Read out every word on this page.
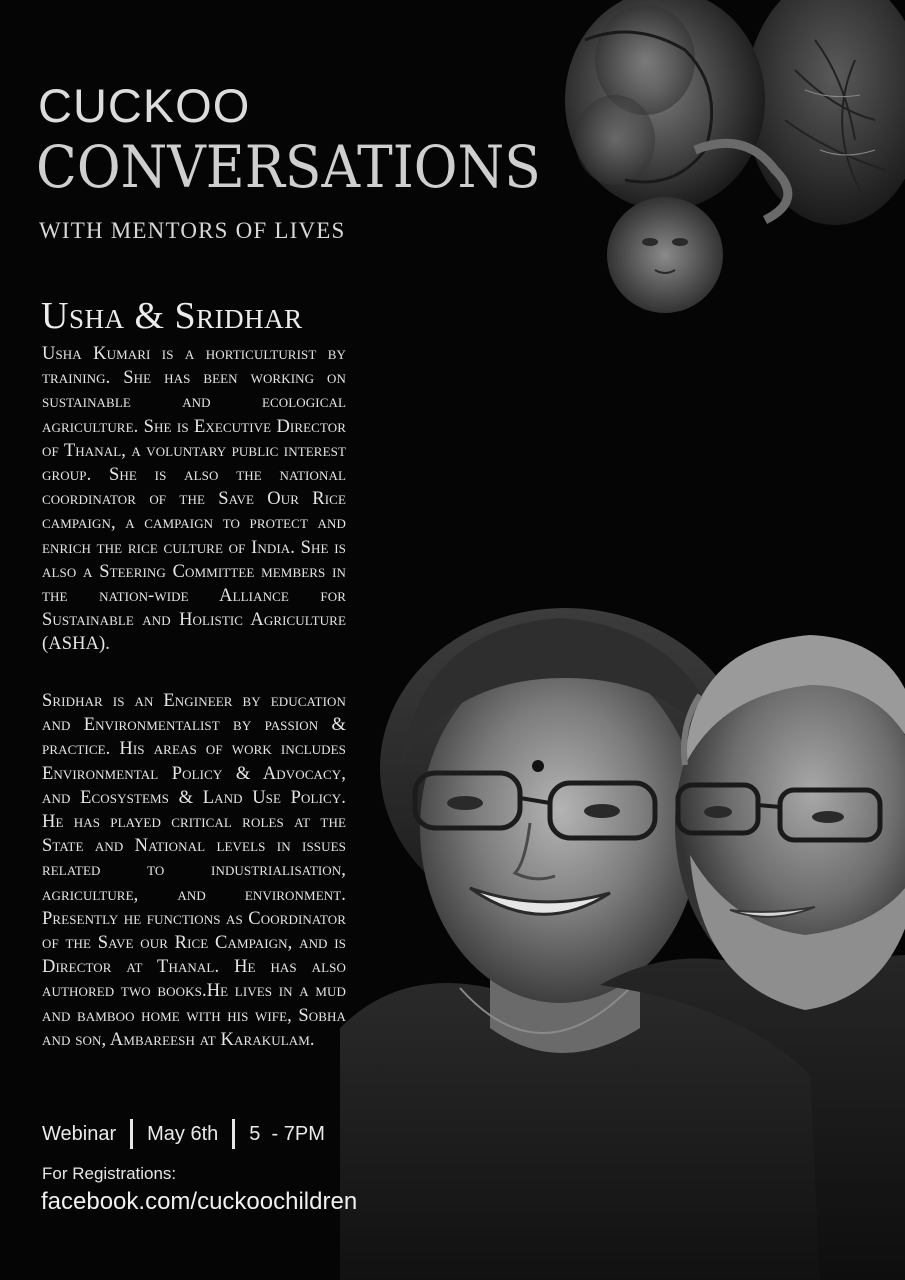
CUCKOO
CONVERSATIONS
WITH MENTORS OF LIVES
Usha & Sridhar
Usha Kumari is a horticulturist by training. She has been working on sustainable and ecological agriculture. She is Executive Director of Thanal, a voluntary public interest group. She is also the national coordinator of the Save Our Rice campaign, a campaign to protect and enrich the rice culture of India. She is also a Steering Committee members in the nation-wide Alliance for Sustainable and Holistic Agriculture (ASHA).
Sridhar is an Engineer by education and Environmentalist by passion & practice. His areas of work includes Environmental Policy & Advocacy, and Ecosystems & Land Use Policy. He has played critical roles at the State and National levels in issues related to industrialisation, agriculture, and environment. Presently he functions as Coordinator of the Save our Rice Campaign, and is Director at Thanal. He has also authored two books.He lives in a mud and bamboo home with his wife, Sobha and son, Ambareesh at Karakulam.
Webinar May 6th 5  - 7PM
For Registrations:
facebook.com/cuckoochildren
